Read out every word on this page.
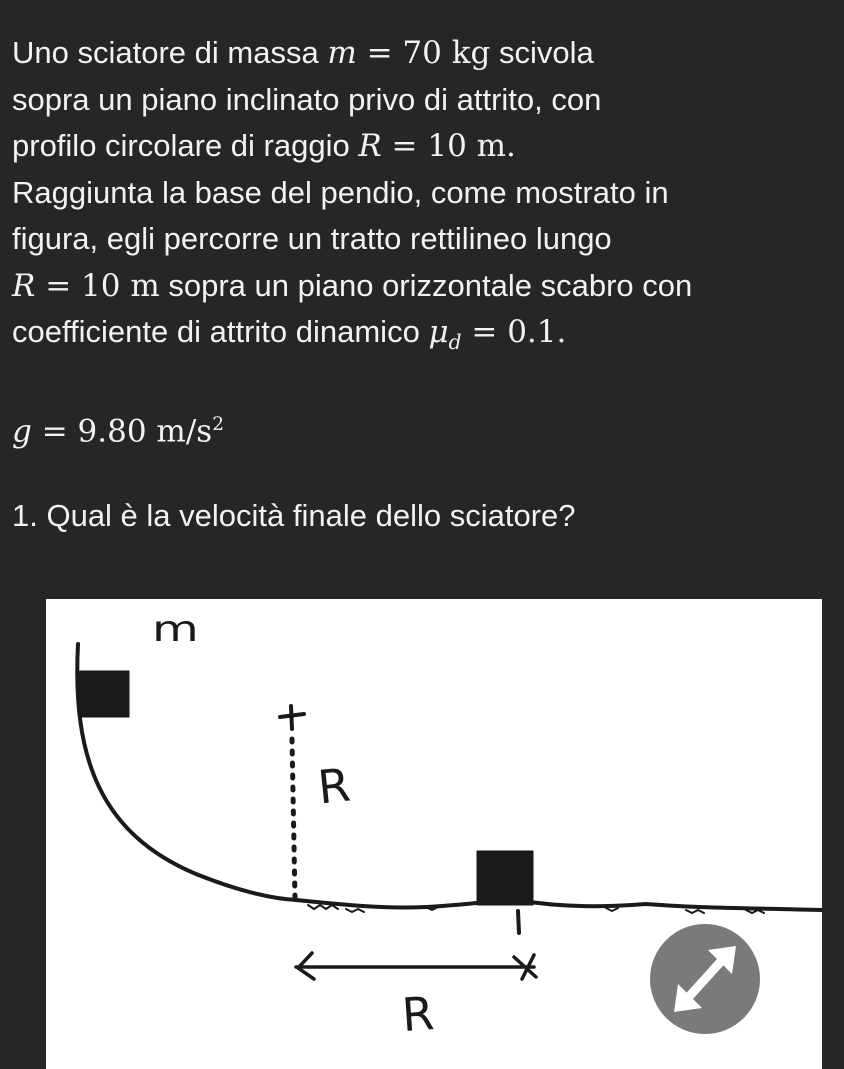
Uno sciatore di massa m = 70 kg scivola

sopra un piano inclinato privo di attrito, con

profilo circolare di raggio R = 10 m.

Raggiunta la base del pendio, come mostrato in

figura, egli percorre un tratto rettilineo lungo

R = 10 m sopra un piano orizzontale scabro con

coefficiente di attrito dinamico $\mu_d = 0.1$.

g = 9.80 $m/s^2$

1. Qual è la velocità finale dello sciatore?

m
R
R
